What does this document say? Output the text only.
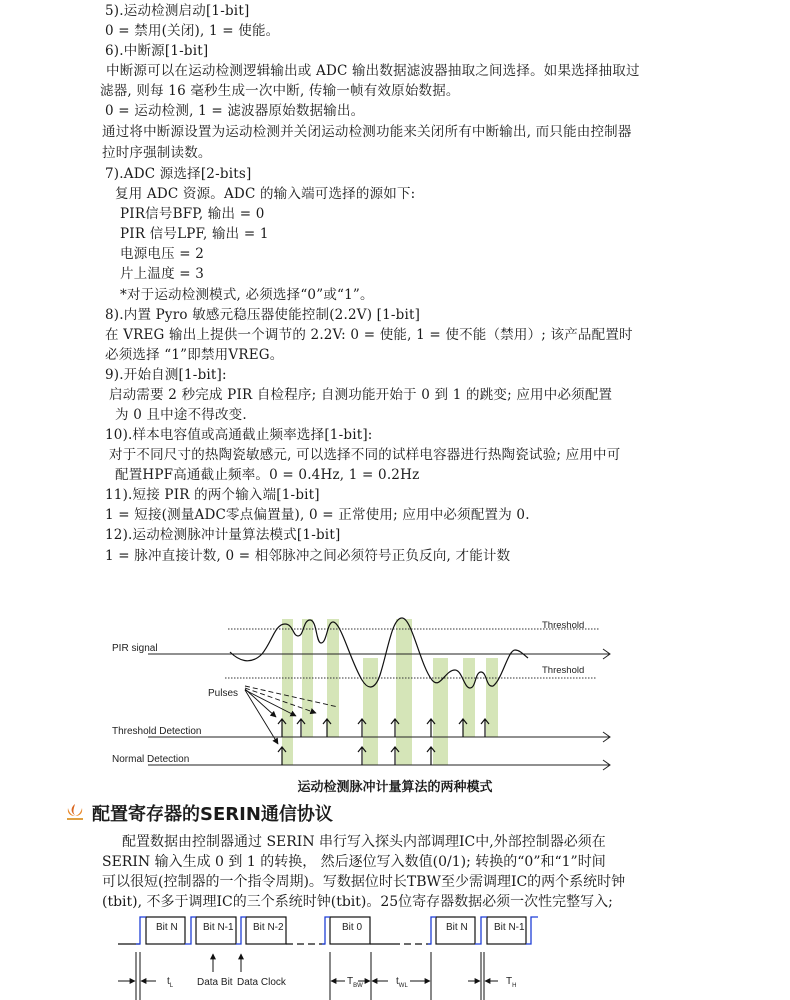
5).运动检测启动[1-bit]
0 = 禁用(关闭), 1 = 使能。
6).中断源[1-bit]
中断源可以在运动检测逻辑输出或 ADC 输出数据滤波器抽取之间选择。如果选择抽取过
滤器, 则每 16 毫秒生成一次中断, 传输一帧有效原始数据。
0 = 运动检测, 1 = 滤波器原始数据输出。
通过将中断源设置为运动检测并关闭运动检测功能来关闭所有中断输出, 而只能由控制器
拉时序强制读数。
7).ADC 源选择[2-bits]
复用 ADC 资源。ADC 的输入端可选择的源如下:
PIR信号BFP, 输出 = 0
PIR 信号LPF, 输出 = 1
电源电压 = 2
片上温度 = 3
*对于运动检测模式, 必须选择“0”或“1”。
8).内置 Pyro 敏感元稳压器使能控制(2.2V) [1-bit]
在 VREG 输出上提供一个调节的 2.2V: 0 = 使能, 1 = 使不能（禁用）; 该产品配置时
必须选择 “1”即禁用VREG。
9).开始自测[1-bit]:
启动需要 2 秒完成 PIR 自检程序; 自测功能开始于 0 到 1 的跳变; 应用中必须配置
为 0 且中途不得改变.
10).样本电容值或高通截止频率选择[1-bit]:
对于不同尺寸的热陶瓷敏感元, 可以选择不同的试样电容器进行热陶瓷试验; 应用中可
配置HPF高通截止频率。0 = 0.4Hz, 1 = 0.2Hz
11).短接 PIR 的两个输入端[1-bit]
1 = 短接(测量ADC零点偏置量), 0 = 正常使用; 应用中必须配置为 0.
12).运动检测脉冲计量算法模式[1-bit]
1 = 脉冲直接计数, 0 = 相邻脉冲之间必须符号正负反向, 才能计数
Threshold
Threshold
PIR signal
Pulses
Threshold Detection
Normal Detection
运动检测脉冲计量算法的两种模式
配置寄存器的SERIN通信协议
配置数据由控制器通过 SERIN 串行写入探头内部调理IC中,外部控制器必须在
SERIN 输入生成 0 到 1 的转换， 然后逐位写入数值(0/1); 转换的“0”和“1”时间
可以很短(控制器的一个指令周期)。写数据位时长TBW至少需调理IC的两个系统时钟
(tbit), 不多于调理IC的三个系统时钟(tbit)。25位寄存器数据必须一次性完整写入;
Bit N	Bit N-1 Bit N-2	Bit 0	Bit N	Bit N-1
$t_L$ Data Bit Data Clock	$T_{BW}$	$t_{WL}$	$T_H$
